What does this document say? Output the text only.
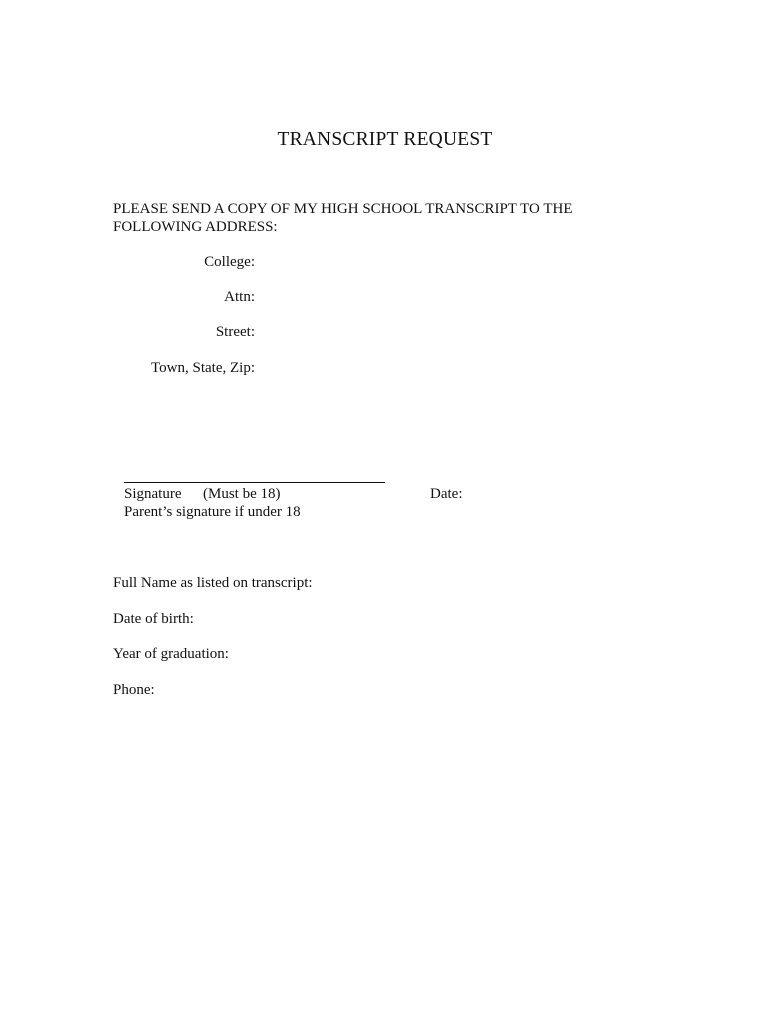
TRANSCRIPT REQUEST
PLEASE SEND A COPY OF MY HIGH SCHOOL TRANSCRIPT TO THE
FOLLOWING ADDRESS:
College:
Attn:
Street:
Town, State, Zip:
Signature (Must be 18)
Parent’s signature if under 18
Date:
Full Name as listed on transcript:
Date of birth:
Year of graduation:
Phone:
